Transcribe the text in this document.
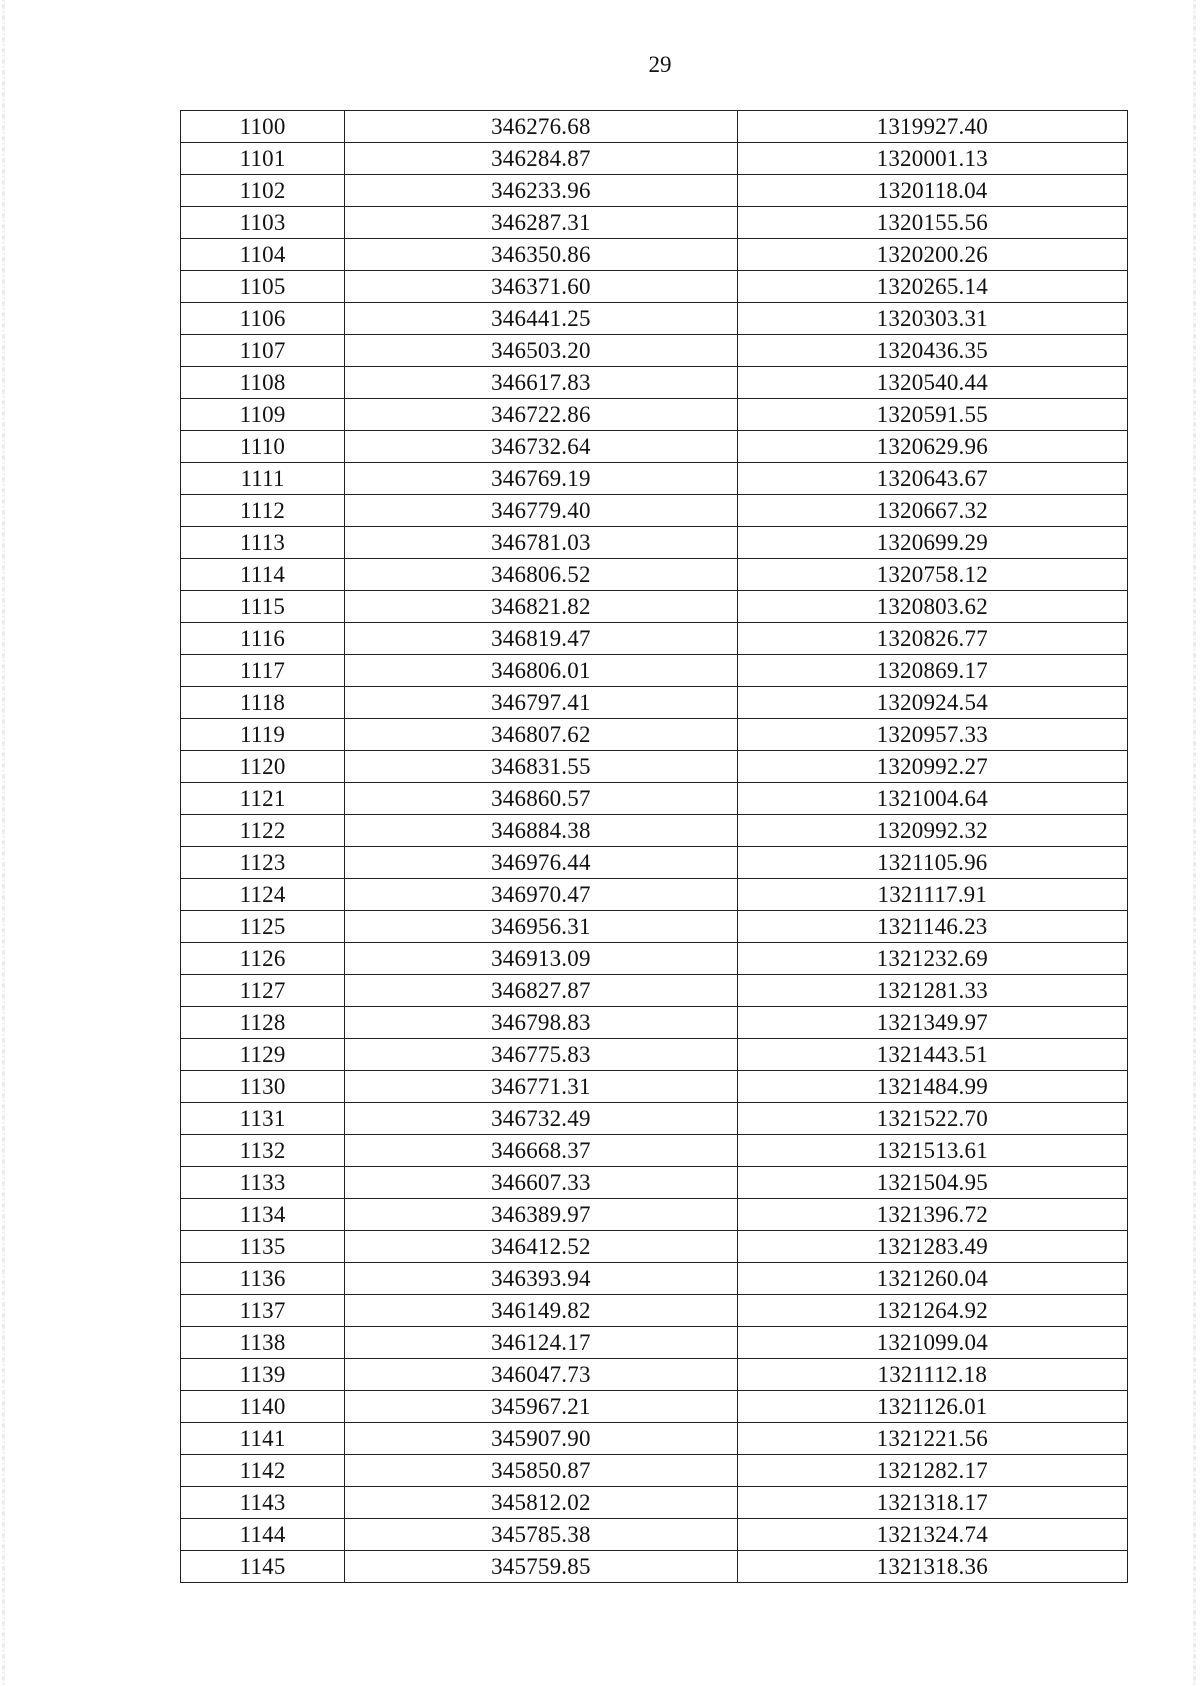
29
1100	346276.68	1319927.40
1101	346284.87	1320001.13
1102	346233.96	1320118.04
1103	346287.31	1320155.56
1104	346350.86	1320200.26
1105	346371.60	1320265.14
1106	346441.25	1320303.31
1107	346503.20	1320436.35
1108	346617.83	1320540.44
1109	346722.86	1320591.55
1110	346732.64	1320629.96
1111	346769.19	1320643.67
1112	346779.40	1320667.32
1113	346781.03	1320699.29
1114	346806.52	1320758.12
1115	346821.82	1320803.62
1116	346819.47	1320826.77
1117	346806.01	1320869.17
1118	346797.41	1320924.54
1119	346807.62	1320957.33
1120	346831.55	1320992.27
1121	346860.57	1321004.64
1122	346884.38	1320992.32
1123	346976.44	1321105.96
1124	346970.47	1321117.91
1125	346956.31	1321146.23
1126	346913.09	1321232.69
1127	346827.87	1321281.33
1128	346798.83	1321349.97
1129	346775.83	1321443.51
1130	346771.31	1321484.99
1131	346732.49	1321522.70
1132	346668.37	1321513.61
1133	346607.33	1321504.95
1134	346389.97	1321396.72
1135	346412.52	1321283.49
1136	346393.94	1321260.04
1137	346149.82	1321264.92
1138	346124.17	1321099.04
1139	346047.73	1321112.18
1140	345967.21	1321126.01
1141	345907.90	1321221.56
1142	345850.87	1321282.17
1143	345812.02	1321318.17
1144	345785.38	1321324.74
1145	345759.85	1321318.36
